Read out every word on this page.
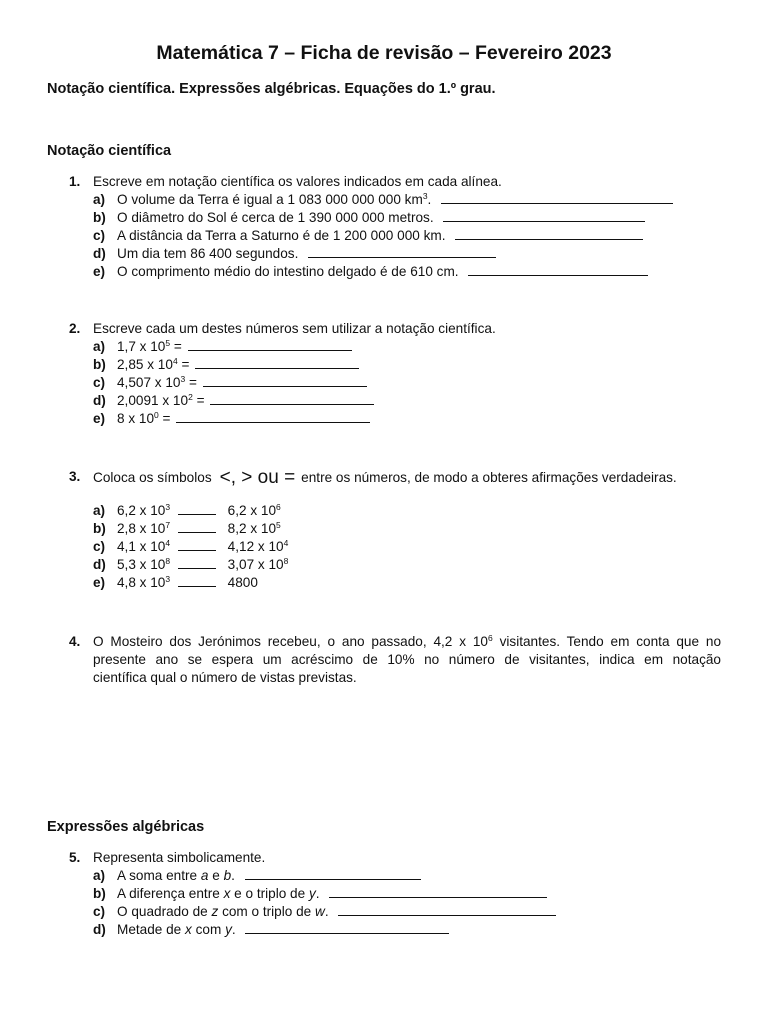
Matemática 7 – Ficha de revisão – Fevereiro 2023

Notação científica. Expressões algébricas. Equações do 1.º grau.

Notação científica
1. Escreve em notação científica os valores indicados em cada alínea.
a) O volume da Terra é igual a 1 083 000 000 000 $km^3$.
b) O diâmetro do Sol é cerca de 1 390 000 000 metros.
c) A distância da Terra a Saturno é de 1 200 000 000 km.
d) Um dia tem 86 400 segundos.
e) O comprimento médio do intestino delgado é de 610 cm.
2. Escreve cada um destes números sem utilizar a notação científica.
a) 1,7 x $10^5$ =
b) 2,85 x $10^4$ =
c) 4,507 x $10^3$ =
d) 2,0091 x $10^2$ =
e) 8 x $10^0$ =
3. Coloca os símbolos <, > ou = entre os números, de modo a obteres afirmações verdadeiras.
a) 6,2 x $10^3$	6,2 x $10^6$
b) 2,8 x $10^7$	8,2 x $10^5$
c) 4,1 x $10^4$	4,12 x $10^4$
d) 5,3 x $10^8$	3,07 x $10^8$
e) 4,8 x $10^3$	4800
4. O Mosteiro dos Jerónimos recebeu, o ano passado, 4,2 x $10^6$ visitantes. Tendo em conta que no
presente ano se espera um acréscimo de 10% no número de visitantes, indica em notação
científica qual o número de vistas previstas.
Expressões algébricas
5. Representa simbolicamente.
a) A soma entre a e b.
b) A diferença entre x e o triplo de y.
c) O quadrado de z com o triplo de w.
d) Metade de x com y.
